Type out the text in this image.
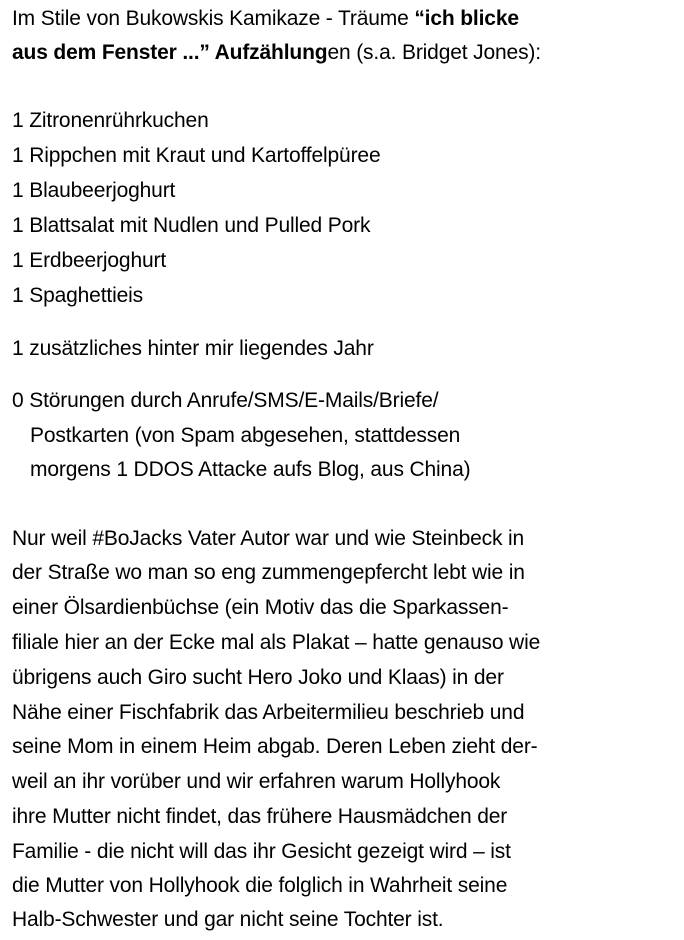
Im Stile von Bukowskis Kamikaze - Träume “ich blicke
aus dem Fenster ...” Aufzählungen (s.a. Bridget Jones):
1 Zitronenrührkuchen
1 Rippchen mit Kraut und Kartoffelpüree
1 Blaubeerjoghurt
1 Blattsalat mit Nudlen und Pulled Pork
1 Erdbeerjoghurt
1 Spaghettieis
1 zusätzliches hinter mir liegendes Jahr
0 Störungen durch Anrufe/SMS/E-Mails/Briefe/
Postkarten (von Spam abgesehen, stattdessen
morgens 1 DDOS Attacke aufs Blog, aus China)
Nur weil #BoJacks Vater Autor war und wie Steinbeck in
der Straße wo man so eng zummengepfercht lebt wie in
einer Ölsardienbüchse (ein Motiv das die Sparkassen-
filiale hier an der Ecke mal als Plakat – hatte genauso wie
übrigens auch Giro sucht Hero Joko und Klaas) in der
Nähe einer Fischfabrik das Arbeitermilieu beschrieb und
seine Mom in einem Heim abgab. Deren Leben zieht der-
weil an ihr vorüber und wir erfahren warum Hollyhook
ihre Mutter nicht findet, das frühere Hausmädchen der
Familie - die nicht will das ihr Gesicht gezeigt wird – ist
die Mutter von Hollyhook die folglich in Wahrheit seine
Halb-Schwester und gar nicht seine Tochter ist.
